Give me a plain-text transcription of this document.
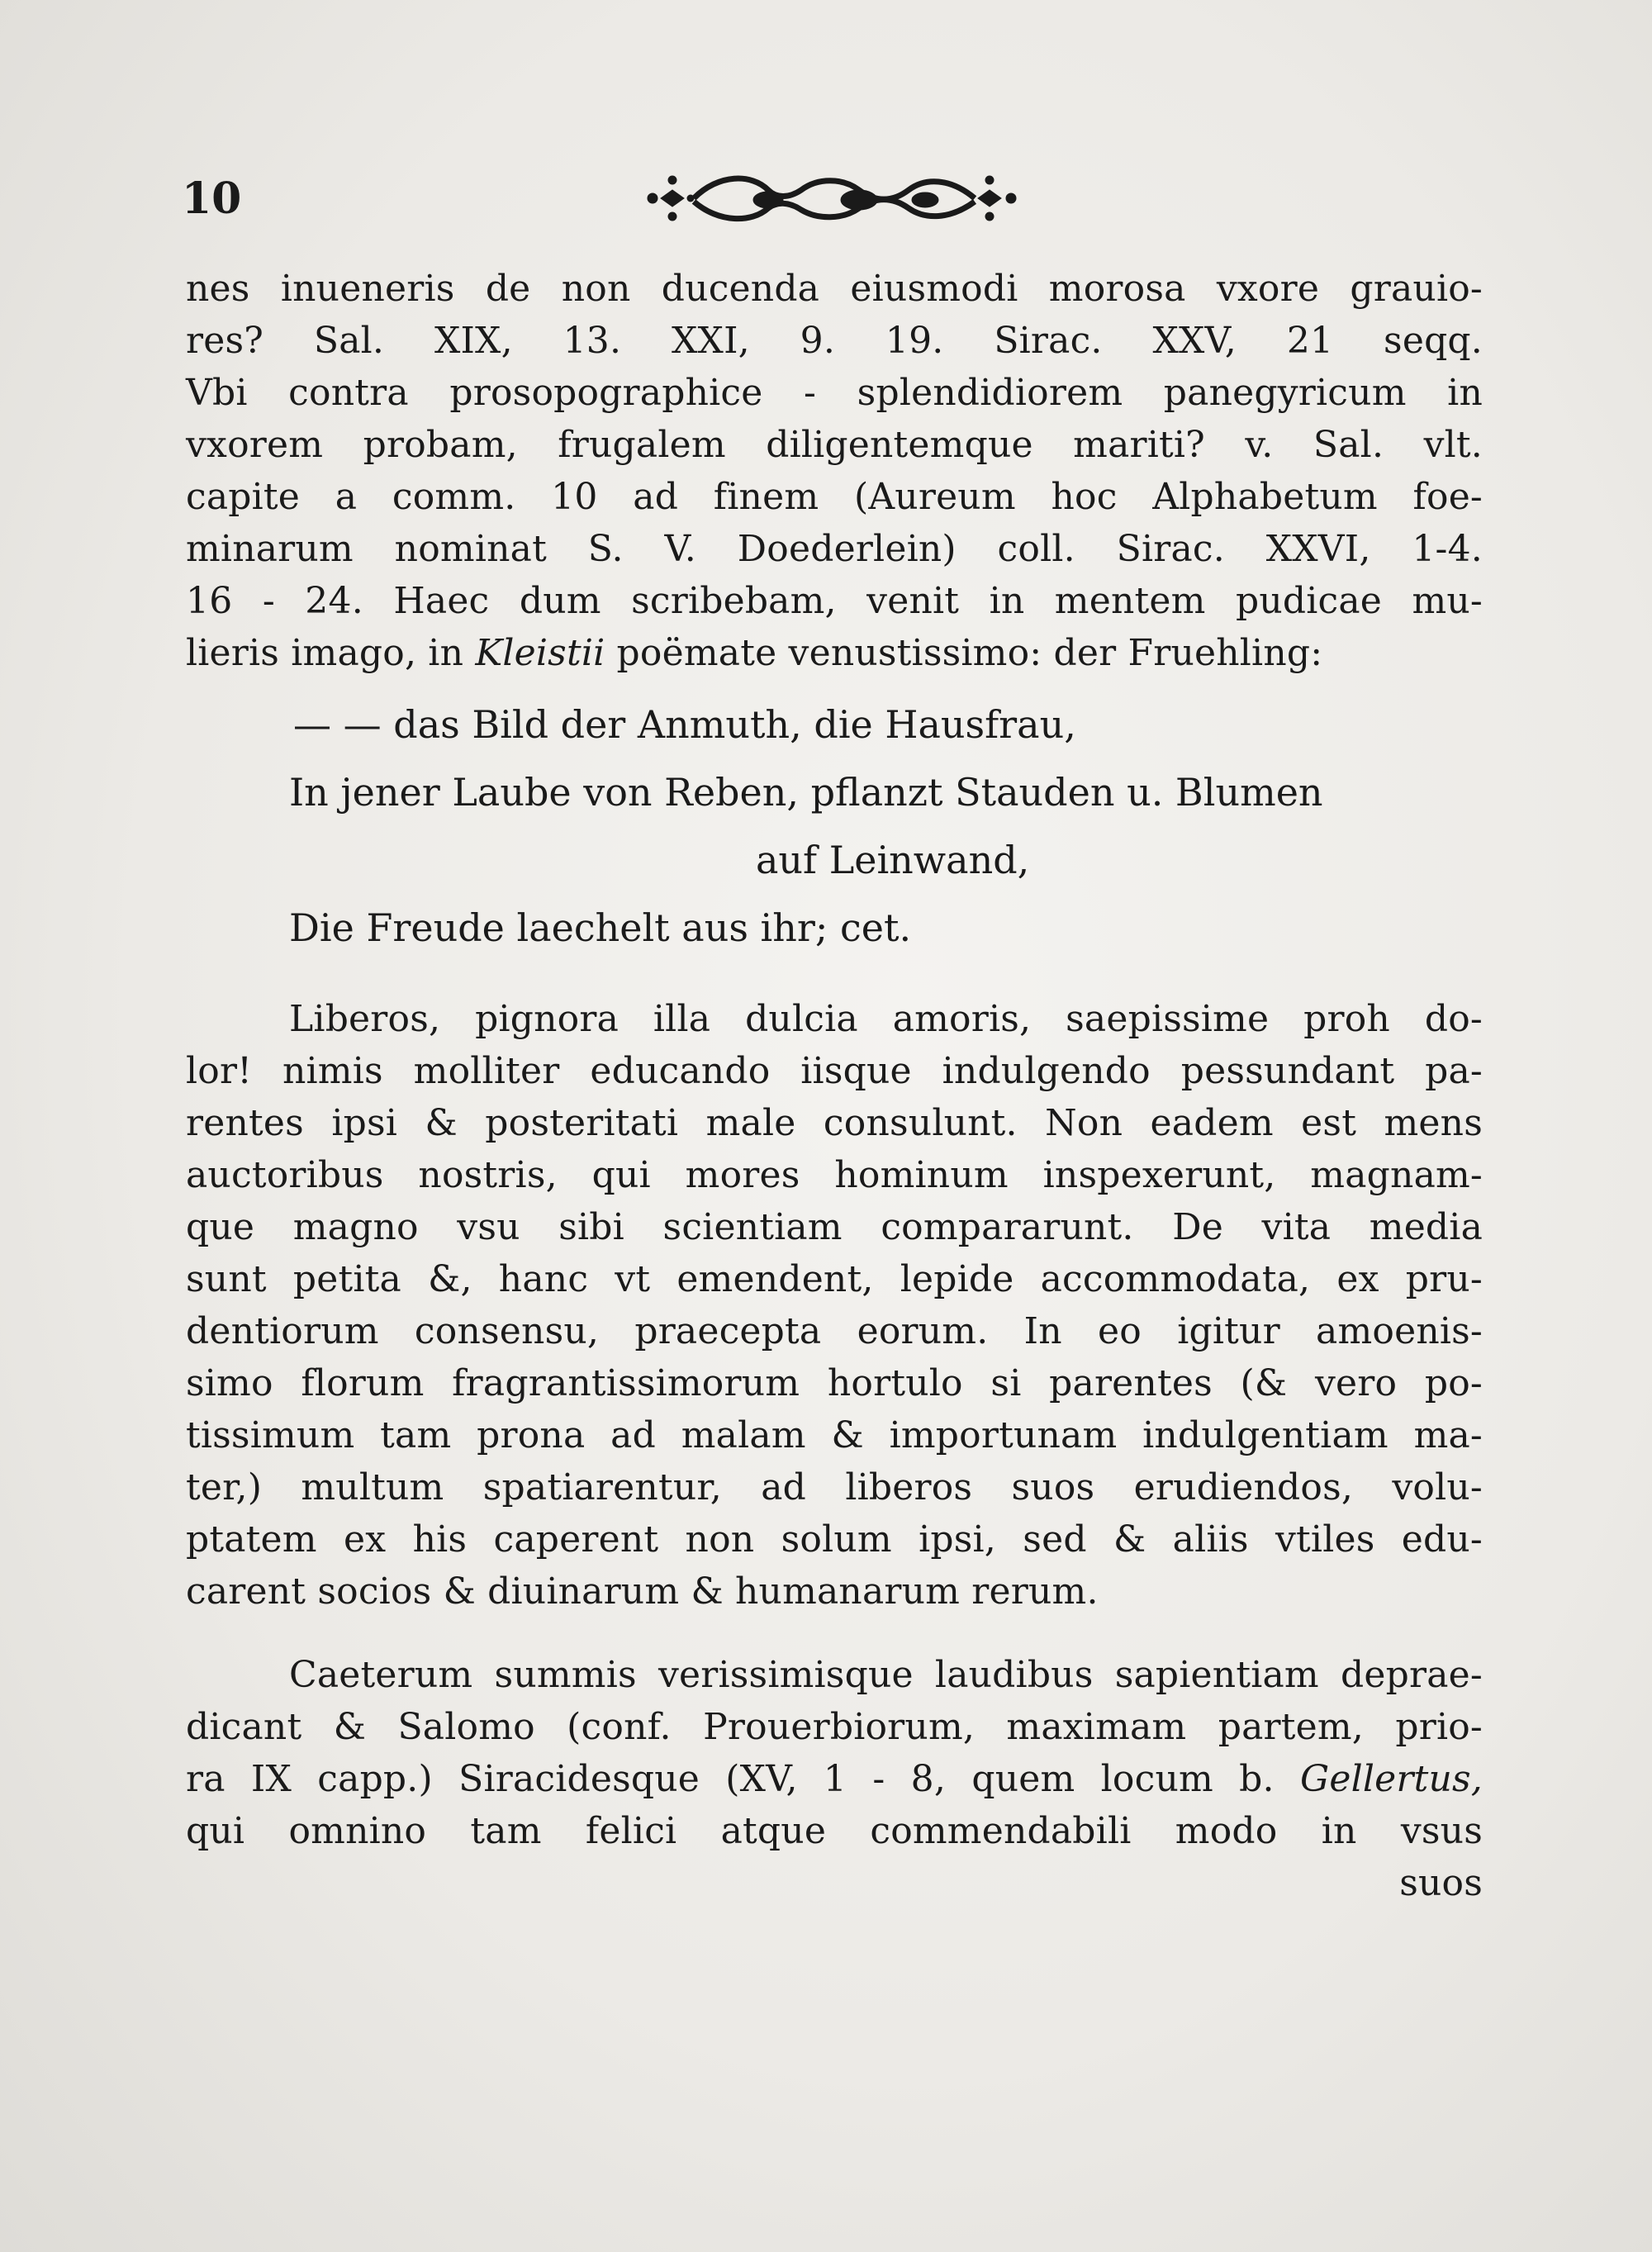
10
nes inueneris de non ducenda eiusmodi morosa vxore grauio-
res? Sal. XIX, 13. XXI, 9. 19. Sirac. XXV, 21 seqq.
Vbi contra prosopographice - splendidiorem panegyricum in
vxorem probam, frugalem diligentemque mariti? v. Sal. vlt.
capite a comm. 10 ad finem (Aureum hoc Alphabetum foe-
minarum nominat S. V. Doederlein) coll. Sirac. XXVI, 1-4.
16 - 24. Haec dum scribebam, venit in mentem pudicae mu-
lieris imago, in Kleistii poëmate venustissimo: der Fruehling:
— — das Bild der Anmuth, die Hausfrau,
In jener Laube von Reben, pflanzt Stauden u. Blumen
auf Leinwand,
Die Freude laechelt aus ihr; cet.
Liberos, pignora illa dulcia amoris, saepissime proh do-
lor! nimis molliter educando iisque indulgendo pessundant pa-
rentes ipsi & posteritati male consulunt. Non eadem est mens
auctoribus nostris, qui mores hominum inspexerunt, magnam-
que magno vsu sibi scientiam compararunt. De vita media
sunt petita &, hanc vt emendent, lepide accommodata, ex pru-
dentiorum consensu, praecepta eorum. In eo igitur amoenis-
simo florum fragrantissimorum hortulo si parentes (& vero po-
tissimum tam prona ad malam & importunam indulgentiam ma-
ter,) multum spatiarentur, ad liberos suos erudiendos, volu-
ptatem ex his caperent non solum ipsi, sed & aliis vtiles edu-
carent socios & diuinarum & humanarum rerum.
Caeterum summis verissimisque laudibus sapientiam deprae-
dicant & Salomo (conf. Prouerbiorum, maximam partem, prio-
ra IX capp.) Siracidesque (XV, 1 - 8, quem locum b. Gellertus,
qui omnino tam felici atque commendabili modo in vsus
suos
